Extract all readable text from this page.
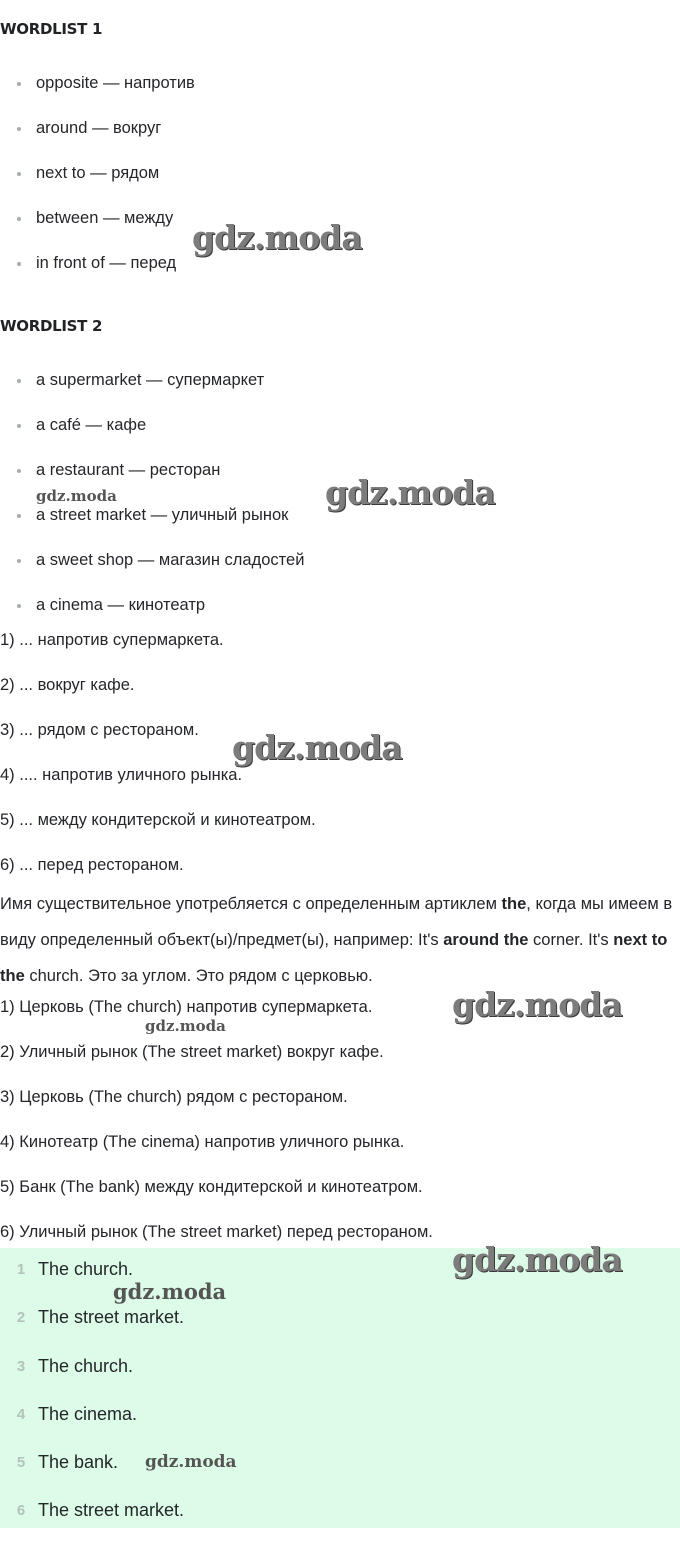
WORDLIST 1
opposite — напротив
around — вокруг
next to — рядом
between — между
in front of — перед
WORDLIST 2
a supermarket — супермаркет
a café — кафе
a restaurant — ресторан
a street market — уличный рынок
a sweet shop — магазин сладостей
a cinema — кинотеатр
1) ... напротив супермаркета.
2) ... вокруг кафе.
3) ... рядом с рестораном.
4) .... напротив уличного рынка.
5) ... между кондитерской и кинотеатром.
6) ... перед рестораном.

Имя существительное употребляется с определенным артиклем the, когда мы имеем в виду определенный объект(ы)/предмет(ы), например: It's around the corner. It's next to the church. Это за углом. Это рядом с церковью.

1) Церковь (The church) напротив супермаркета.
2) Уличный рынок (The street market) вокруг кафе.
3) Церковь (The church) рядом с рестораном.
4) Кинотеатр (The cinema) напротив уличного рынка.
5) Банк (The bank) между кондитерской и кинотеатром.
6) Уличный рынок (The street market) перед рестораном.
1 The church.
2 The street market.
3 The church.
4 The cinema.
5 The bank.
6 The street market.
gdz.moda
gdz.moda	gdz.moda
gdz.moda
gdz.moda
gdz.moda
gdz.moda
gdz.moda
gdz.moda
